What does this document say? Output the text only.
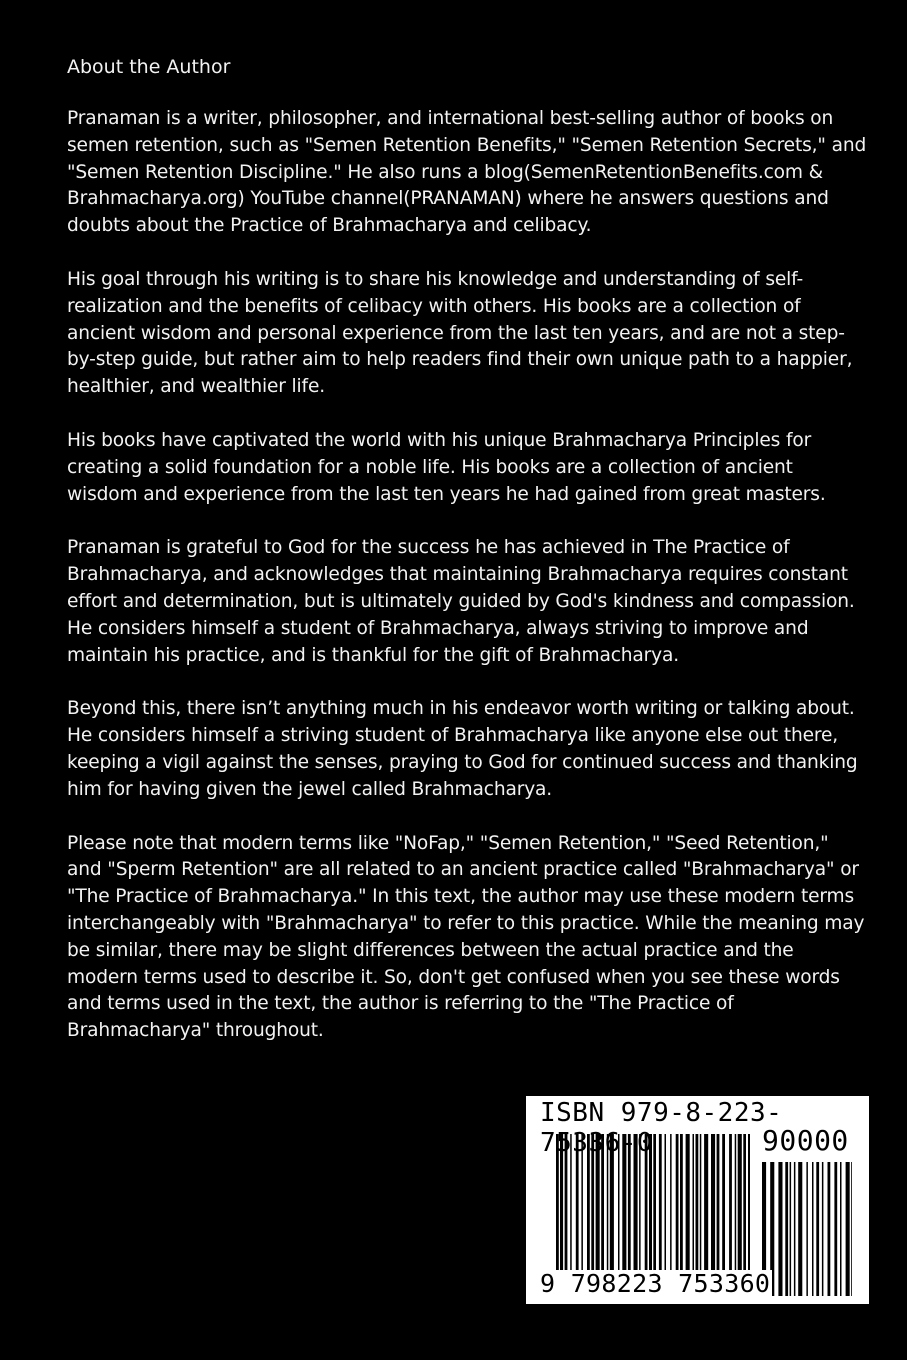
About the Author

Pranaman is a writer, philosopher, and international best-selling author of books on semen retention, such as "Semen Retention Benefits," "Semen Retention Secrets," and "Semen Retention Discipline." He also runs a blog(SemenRetentionBenefits.com & Brahmacharya.org) YouTube channel(PRANAMAN) where he answers questions and doubts about the Practice of Brahmacharya and celibacy.

His goal through his writing is to share his knowledge and understanding of self-realization and the benefits of celibacy with others. His books are a collection of ancient wisdom and personal experience from the last ten years, and are not a step-by-step guide, but rather aim to help readers find their own unique path to a happier, healthier, and wealthier life.

His books have captivated the world with his unique Brahmacharya Principles for creating a solid foundation for a noble life. His books are a collection of ancient wisdom and experience from the last ten years he had gained from great masters.

Pranaman is grateful to God for the success he has achieved in The Practice of Brahmacharya, and acknowledges that maintaining Brahmacharya requires constant effort and determination, but is ultimately guided by God's kindness and compassion. He considers himself a student of Brahmacharya, always striving to improve and maintain his practice, and is thankful for the gift of Brahmacharya.

Beyond this, there isn’t anything much in his endeavor worth writing or talking about. He considers himself a striving student of Brahmacharya like anyone else out there, keeping a vigil against the senses, praying to God for continued success and thanking him for having given the jewel called Brahmacharya.

Please note that modern terms like "NoFap," "Semen Retention," "Seed Retention," and "Sperm Retention" are all related to an ancient practice called "Brahmacharya" or "The Practice of Brahmacharya." In this text, the author may use these modern terms interchangeably with "Brahmacharya" to refer to this practice. While the meaning may be similar, there may be slight differences between the actual practice and the modern terms used to describe it. So, don't get confused when you see these words and terms used in the text, the author is referring to the "The Practice of Brahmacharya" throughout.

ISBN 979-8-223-75336-0	90000
9 798223 753360
